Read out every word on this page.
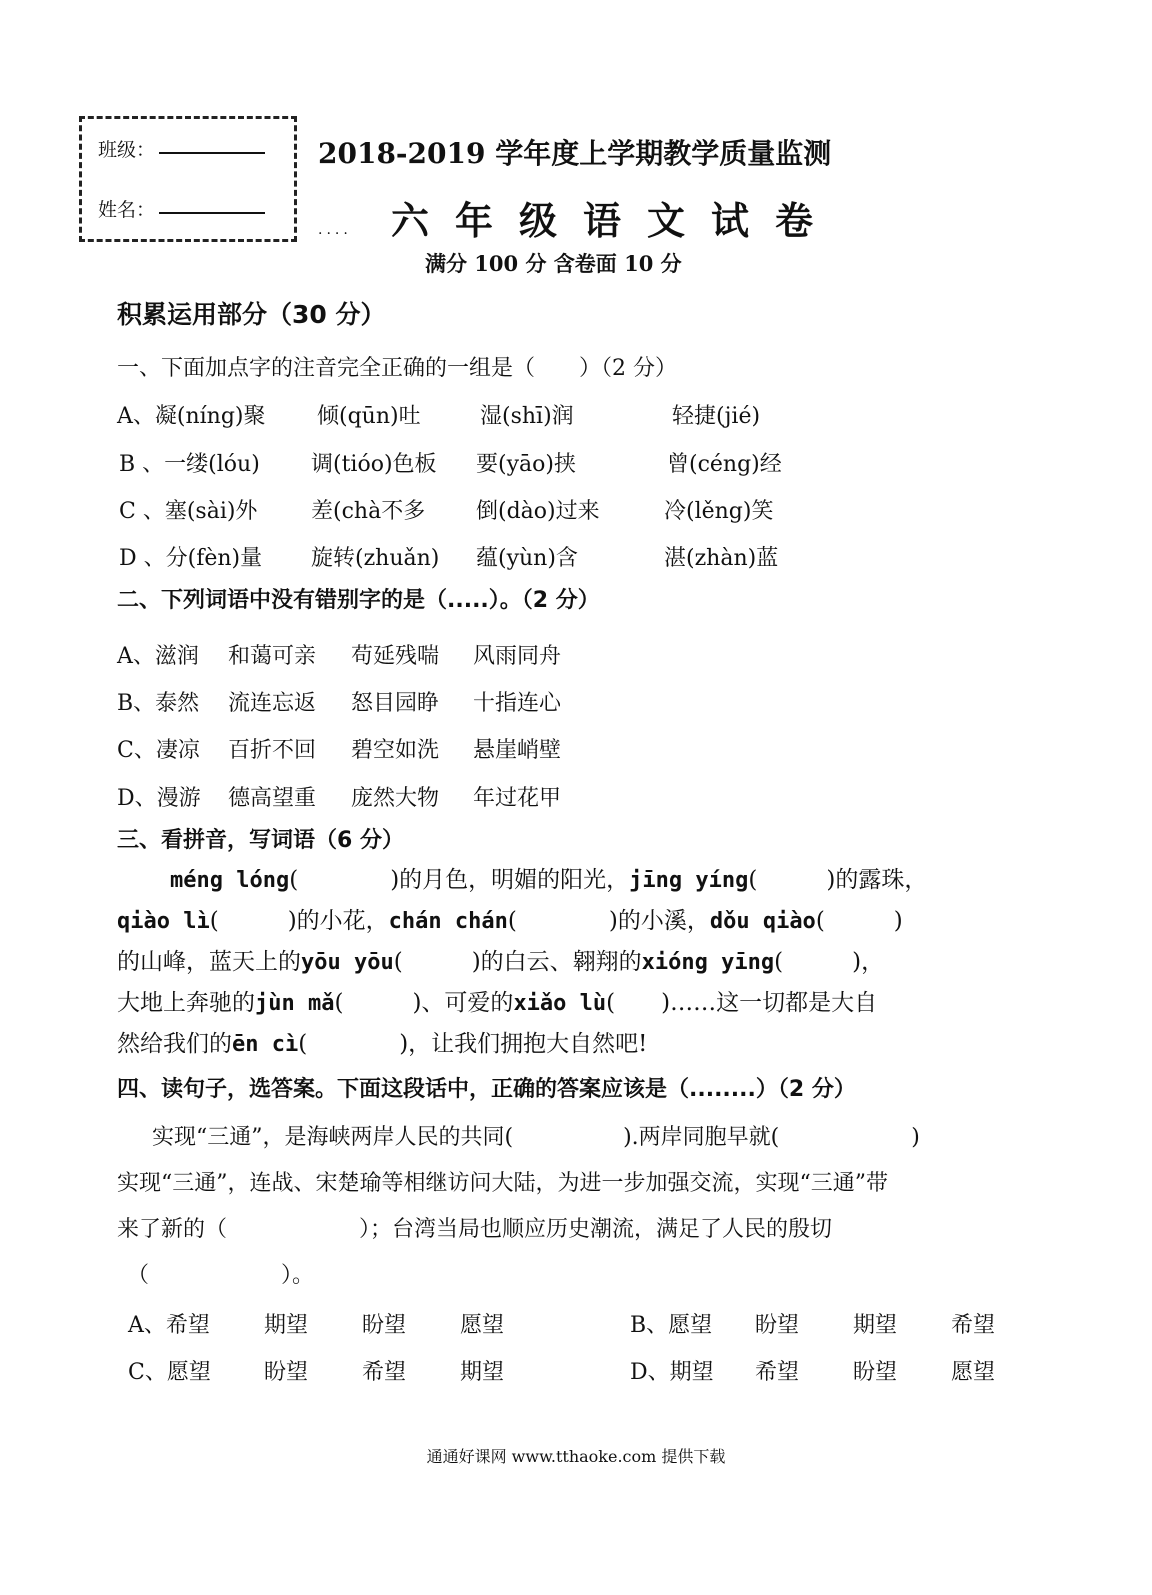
班级：
姓名：
2018-2019 学年度上学期教学质量监测
.... 六年级语文试卷
满分 100 分 含卷面 10 分
积累运用部分（30 分）
一、下面加点字的注音完全正确的一组是（　　）（2 分）
A、凝(níng)聚 倾(qūn)吐	湿(shī)润	轻捷(jié)
B 、一缕(lóu) 调(tióo)色板 要(yāo)挟	曾(céng)经
C 、塞(sài)外 差(chà不多 倒(dào)过来	冷(lěng)笑
D 、分(fèn)量 旋转(zhuǎn) 蕴(yùn)含	湛(zhàn)蓝
二、下列词语中没有错别字的是（.....）。（2 分）
A、滋润 和蔼可亲 苟延残喘 风雨同舟
B、泰然 流连忘返 怒目园睁 十指连心
C、凄凉 百折不回 碧空如洗 悬崖峭壁
D、漫游 德高望重 庞然大物 年过花甲
三、看拼音，写词语（6 分）
méng lóng(　　　　)的月色，明媚的阳光，jīng yíng(　　　)的露珠，
qiào lì(　　　)的小花，chán chán(　　　　)的小溪，dǒu qiào(　　　)
的山峰，蓝天上的yōu yōu(　　　)的白云、翱翔的xióng yīng(　　　)，
大地上奔驰的jùn mǎ(　　　)、可爱的xiǎo lù(　　)……这一切都是大自
然给我们的ēn cì(　　　　)，让我们拥抱大自然吧!
四、读句子，选答案。下面这段话中，正确的答案应该是（........）（2 分）
实现“三通”，是海峡两岸人民的共同(　　　　　).两岸同胞早就(　　　　　　)
实现“三通”，连战、宋楚瑜等相继访问大陆，为进一步加强交流，实现“三通”带
来了新的（　　　　　　）；台湾当局也顺应历史潮流，满足了人民的殷切
（　　　　　　）。
A、希望 期望 盼望 愿望	B、愿望 盼望 期望 希望
C、愿望 盼望 希望 期望	D、期望 希望 盼望 愿望
通通好课网 www.tthaoke.com 提供下载
